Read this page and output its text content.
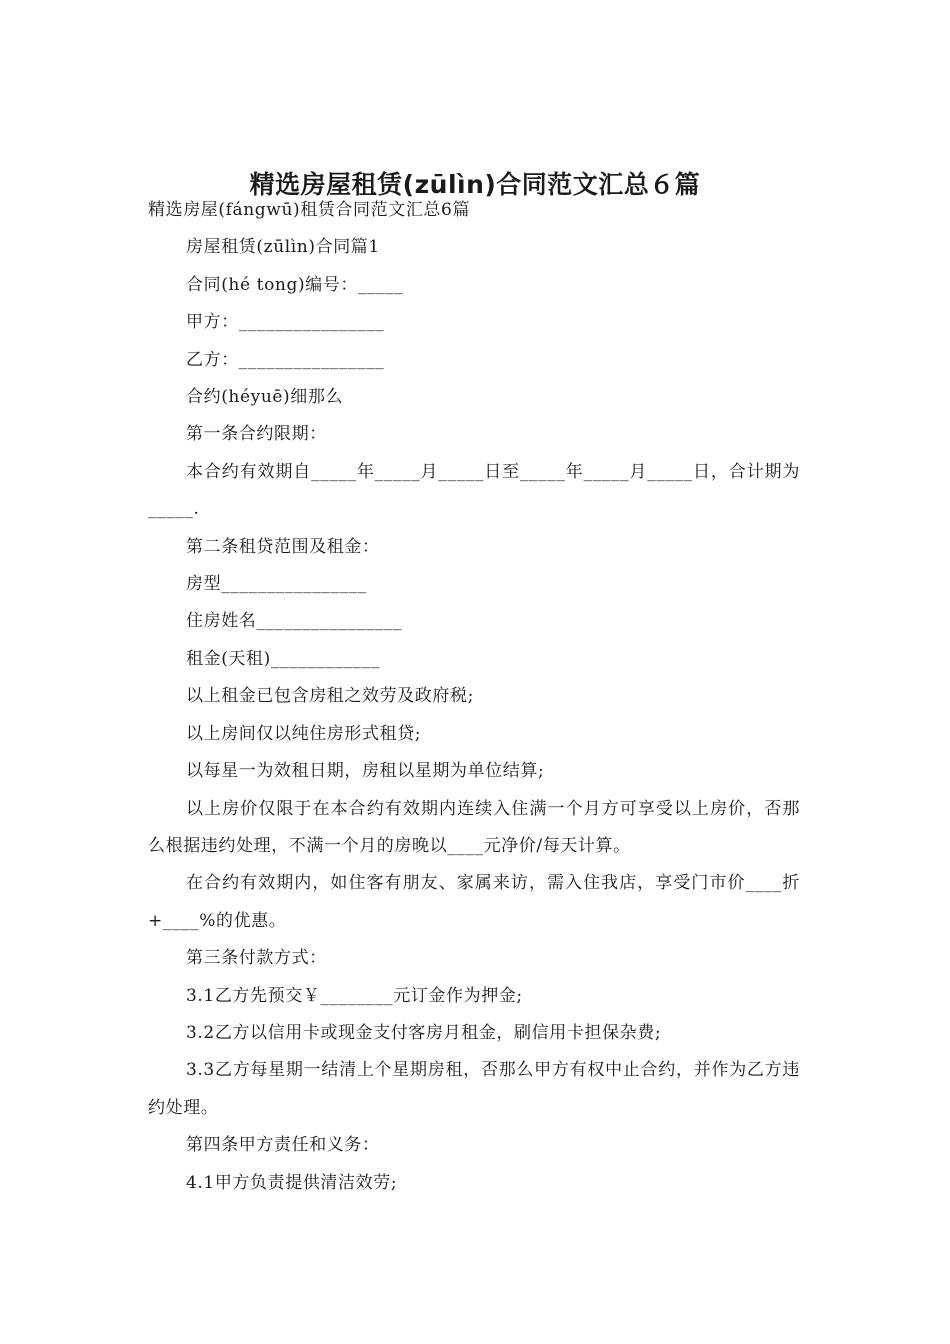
精选房屋租赁(zūlìn)合同范文汇总６篇

精选房屋(fángwū)租赁合同范文汇总6篇

房屋租赁(zūlìn)合同篇1

合同(hé tong)编号：_____

甲方：________________

乙方：________________

合约(héyuē)细那么

第一条合约限期：

本合约有效期自_____年_____月_____日至_____年_____月_____日，合计期为_____.

第二条租贷范围及租金：

房型________________

住房姓名________________

租金(天租)____________

以上租金已包含房租之效劳及政府税;

以上房间仅以纯住房形式租贷;

以每星一为效租日期，房租以星期为单位结算;

以上房价仅限于在本合约有效期内连续入住满一个月方可享受以上房价，否那么根据违约处理，不满一个月的房晚以____元净价/每天计算。

在合约有效期内，如住客有朋友、家属来访，需入住我店，享受门市价____折+____%的优惠。

第三条付款方式：

3.1乙方先预交￥________元订金作为押金;

3.2乙方以信用卡或现金支付客房月租金，刷信用卡担保杂费;

3.3乙方每星期一结清上个星期房租，否那么甲方有权中止合约，并作为乙方违约处理。

第四条甲方责任和义务：

4.1甲方负责提供清洁效劳;
